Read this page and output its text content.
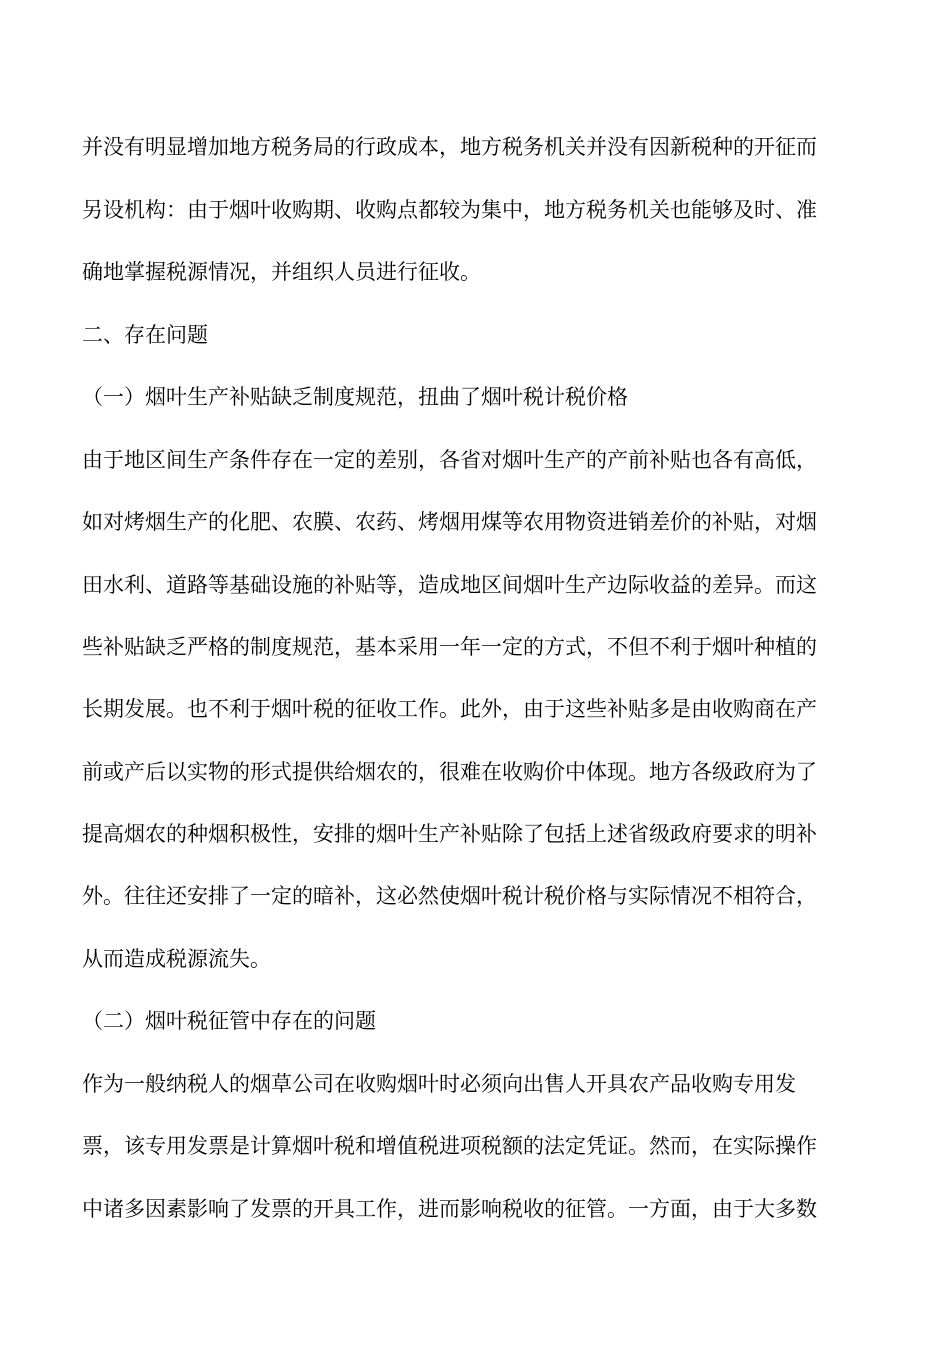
并没有明显增加地方税务局的行政成本，地方税务机关并没有因新税种的开征而
另设机构：由于烟叶收购期、收购点都较为集中，地方税务机关也能够及时、准
确地掌握税源情况，并组织人员进行征收。
二、存在问题
（一）烟叶生产补贴缺乏制度规范，扭曲了烟叶税计税价格
由于地区间生产条件存在一定的差别，各省对烟叶生产的产前补贴也各有高低，
如对烤烟生产的化肥、农膜、农药、烤烟用煤等农用物资进销差价的补贴，对烟
田水利、道路等基础设施的补贴等，造成地区间烟叶生产边际收益的差异。而这
些补贴缺乏严格的制度规范，基本采用一年一定的方式，不但不利于烟叶种植的
长期发展。也不利于烟叶税的征收工作。此外，由于这些补贴多是由收购商在产
前或产后以实物的形式提供给烟农的，很难在收购价中体现。地方各级政府为了
提高烟农的种烟积极性，安排的烟叶生产补贴除了包括上述省级政府要求的明补
外。往往还安排了一定的暗补，这必然使烟叶税计税价格与实际情况不相符合，
从而造成税源流失。
（二）烟叶税征管中存在的问题
作为一般纳税人的烟草公司在收购烟叶时必须向出售人开具农产品收购专用发
票，该专用发票是计算烟叶税和增值税进项税额的法定凭证。然而，在实际操作
中诸多因素影响了发票的开具工作，进而影响税收的征管。一方面，由于大多数
